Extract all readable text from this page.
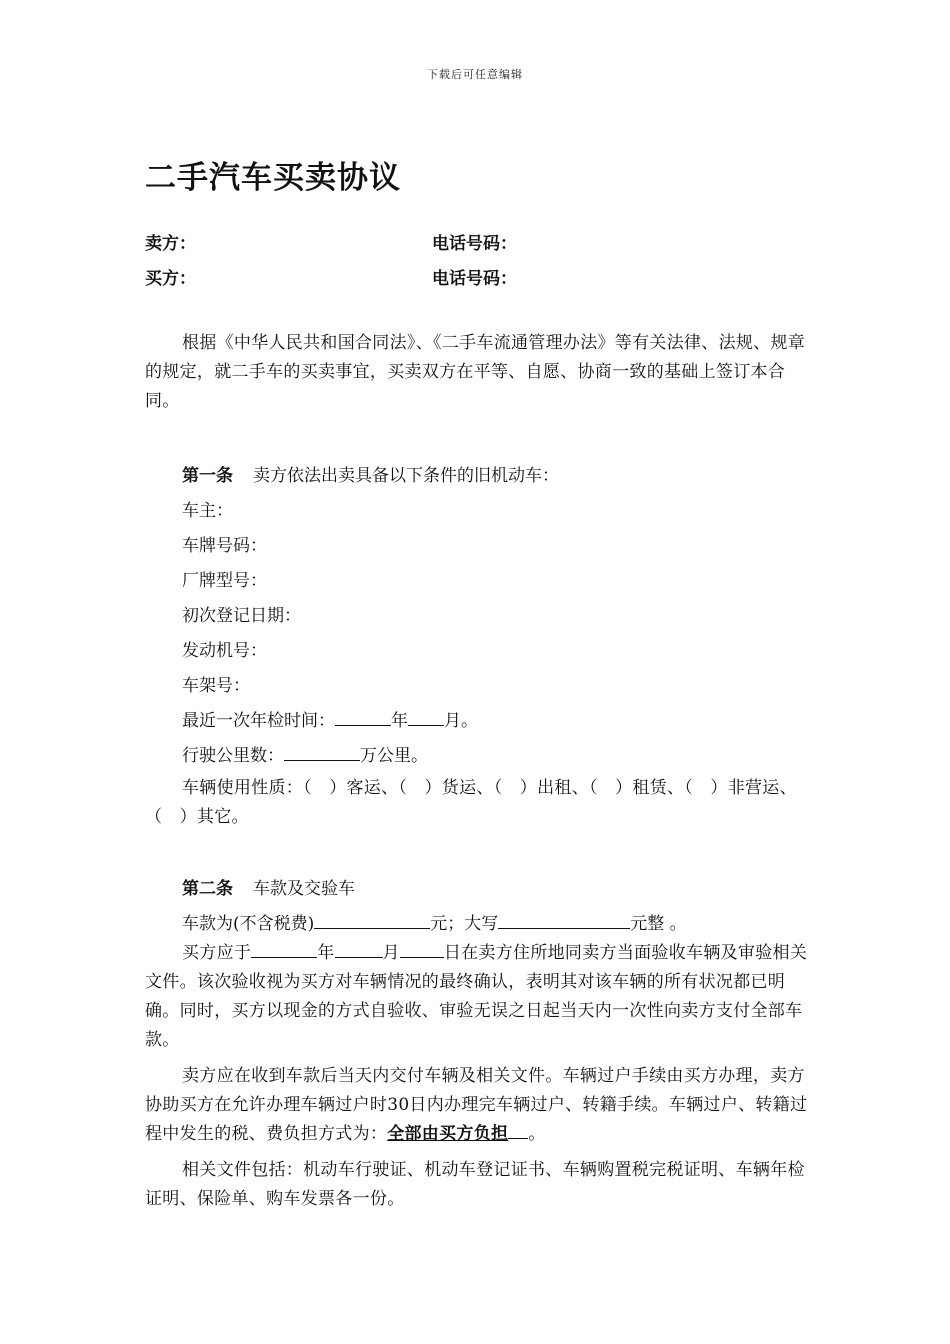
下载后可任意编辑
二手汽车买卖协议
卖方：	电话号码：
买方：	电话号码：
根据《中华人民共和国合同法》、《二手车流通管理办法》等有关法律、法规、规章的规定，就二手车的买卖事宜，买卖双方在平等、自愿、协商一致的基础上签订本合同。
第一条 卖方依法出卖具备以下条件的旧机动车：
车主：
车牌号码：
厂牌型号：
初次登记日期：
发动机号：
车架号：
最近一次年检时间：	年 月。
行驶公里数：	万公里。
车辆使用性质：（　）客运、（　）货运、（　）出租、（　）租赁、（　）非营运、（　）其它。
第二条 车款及交验车
车款为(不含税费)	元；大写	元整 。
买方应于	年	月	日在卖方住所地同卖方当面验收车辆及审验相关文件。该次验收视为买方对车辆情况的最终确认，表明其对该车辆的所有状况都已明确。同时，买方以现金的方式自验收、审验无误之日起当天内一次性向卖方支付全部车款。
卖方应在收到车款后当天内交付车辆及相关文件。车辆过户手续由买方办理，卖方协助买方在允许办理车辆过户时30日内办理完车辆过户、转籍手续。车辆过户、转籍过程中发生的税、费负担方式为：全部由买方负担 。
相关文件包括：机动车行驶证、机动车登记证书、车辆购置税完税证明、车辆年检证明、保险单、购车发票各一份。
